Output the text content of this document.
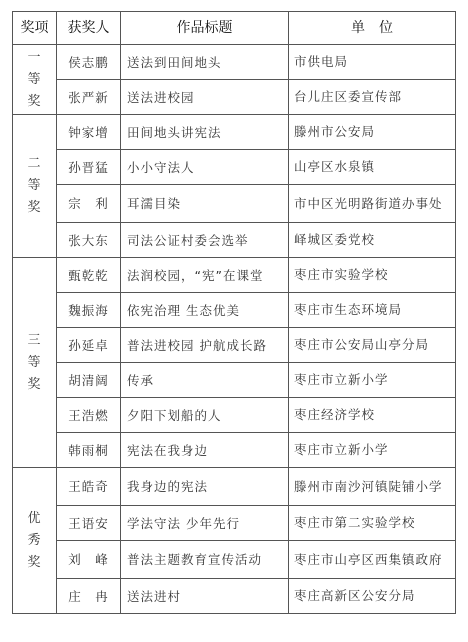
奖项	获奖人	作品标题	单　位

一等奖	侯志鹏	送法到田间地头	市供电局
	张严新	送法进校园	台儿庄区委宣传部

二等奖	钟家增	田间地头讲宪法	滕州市公安局
	孙晋猛	小小守法人	山亭区水泉镇
	宗　利	耳濡目染	市中区光明路街道办事处
	张大东	司法公证村委会选举	峄城区委党校

三等奖	甄乾乾	法润校园，“宪”在课堂	枣庄市实验学校
	魏振海	依宪治理 生态优美	枣庄市生态环境局
	孙延卓	普法进校园 护航成长路	枣庄市公安局山亭分局
	胡清阔	传承	枣庄市立新小学
	王浩燃	夕阳下划船的人	枣庄经济学校
	韩雨桐	宪法在我身边	枣庄市立新小学

优秀奖	王皓奇	我身边的宪法	滕州市南沙河镇陡铺小学
	王语安	学法守法 少年先行	枣庄市第二实验学校
	刘　峰	普法主题教育宣传活动	枣庄市山亭区西集镇政府
	庄　冉	送法进村	枣庄高新区公安分局
